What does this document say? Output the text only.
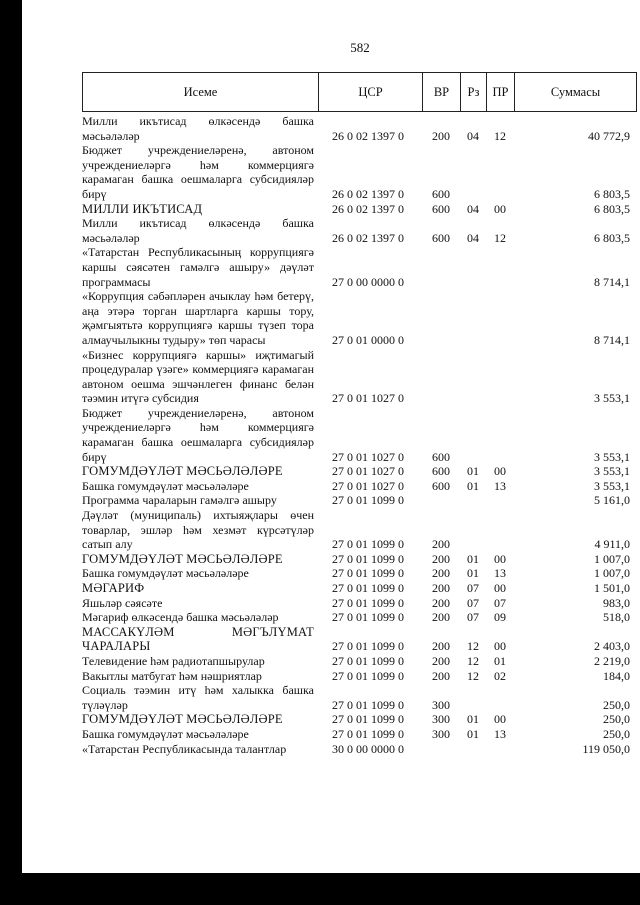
582
Исеме	ЦСР	ВР	Рз	ПР	Суммасы
Милли икътисад өлкәсендә башка мәсьәләләр	26 0 02 1397 0	200	04	12	40 772,9
Бюджет учреждениеләренә, автоном учреждениеләргә һәм коммерциягә карамаган башка оешмаларга субсидияләр бирү	26 0 02 1397 0	600			6 803,5
МИЛЛИ ИКЪТИСАД	26 0 02 1397 0	600	04	00	6 803,5
Милли икътисад өлкәсендә башка мәсьәләләр	26 0 02 1397 0	600	04	12	6 803,5
«Татарстан Республикасының коррупциягә каршы сәясәтен гамәлгә ашыру» дәүләт программасы	27 0 00 0000 0				8 714,1
«Коррупция сәбәпләрен ачыклау һәм бетерү, аңа этәрә торган шартларга каршы тору, җәмгыятьтә коррупциягә каршы түзеп тора алмаучылыкны тудыру» төп чарасы	27 0 01 0000 0				8 714,1
«Бизнес коррупциягә каршы» иҗтимагый процедуралар үзәге» коммерциягә карамаган автоном оешма эшчәнлеген финанс белән тәэмин итүгә субсидия	27 0 01 1027 0				3 553,1
Бюджет учреждениеләренә, автоном учреждениеләргә һәм коммерциягә карамаган башка оешмаларга субсидияләр бирү	27 0 01 1027 0	600			3 553,1
ГОМУМДӘҮЛӘТ МӘСЬӘЛӘЛӘРЕ	27 0 01 1027 0	600	01	00	3 553,1
Башка гомумдәүләт мәсьәләләре	27 0 01 1027 0	600	01	13	3 553,1
Программа чараларын гамәлгә ашыру	27 0 01 1099 0				5 161,0
Дәүләт (муниципаль) ихтыяҗлары өчен товарлар, эшләр һәм хезмәт күрсәтүләр сатып алу	27 0 01 1099 0	200			4 911,0
ГОМУМДӘҮЛӘТ МӘСЬӘЛӘЛӘРЕ	27 0 01 1099 0	200	01	00	1 007,0
Башка гомумдәүләт мәсьәләләре	27 0 01 1099 0	200	01	13	1 007,0
МӘГАРИФ	27 0 01 1099 0	200	07	00	1 501,0
Яшьләр сәясәте	27 0 01 1099 0	200	07	07	983,0
Мәгариф өлкәсендә башка мәсьәләләр	27 0 01 1099 0	200	07	09	518,0
МАССАКҮЛӘМ МӘГЪЛҮМАТ ЧАРАЛАРЫ	27 0 01 1099 0	200	12	00	2 403,0
Телевидение һәм радиотапшырулар	27 0 01 1099 0	200	12	01	2 219,0
Вакытлы матбугат һәм нәшриятлар	27 0 01 1099 0	200	12	02	184,0
Социаль тәэмин итү һәм халыкка башка түләүләр	27 0 01 1099 0	300			250,0
ГОМУМДӘҮЛӘТ МӘСЬӘЛӘЛӘРЕ	27 0 01 1099 0	300	01	00	250,0
Башка гомумдәүләт мәсьәләләре	27 0 01 1099 0	300	01	13	250,0
«Татарстан Республикасында талантлар	30 0 00 0000 0				119 050,0
